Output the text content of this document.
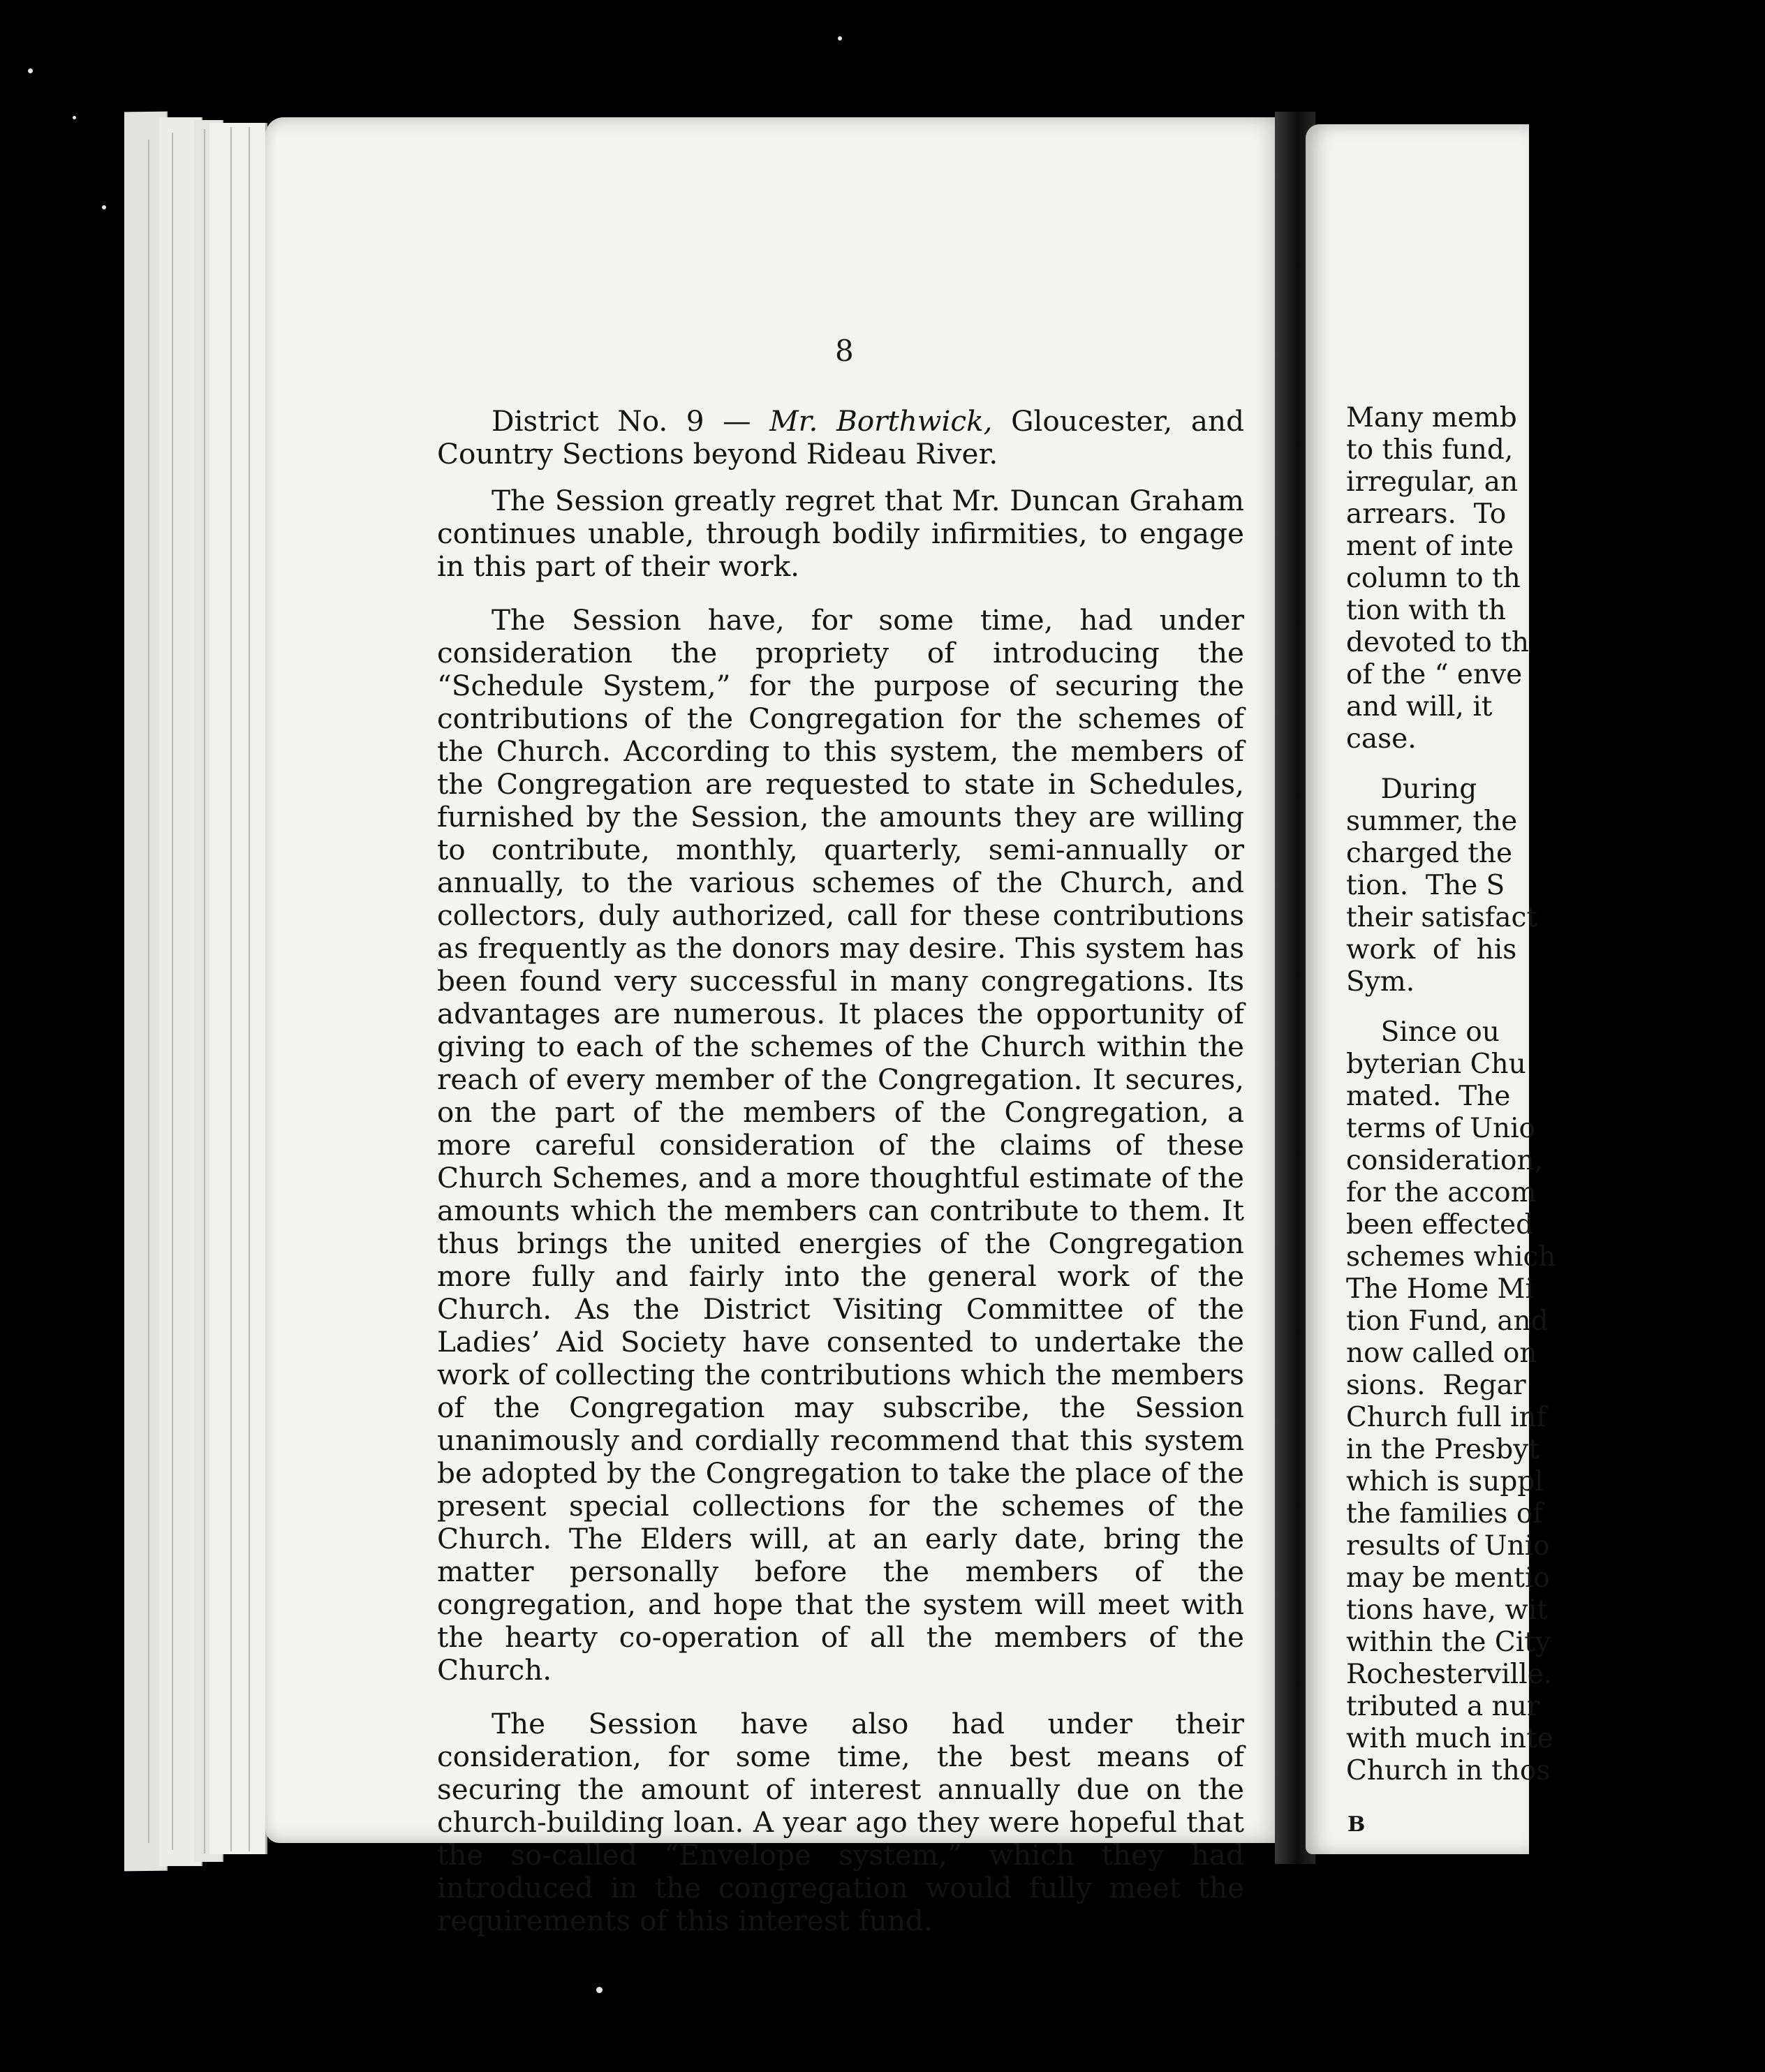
8

District No. 9 — Mr. Borthwick, Gloucester, and Country Sections beyond Rideau River.

The Session greatly regret that Mr. Duncan Graham continues unable, through bodily infirmities, to engage in this part of their work.

The Session have, for some time, had under consideration the propriety of introducing the “Schedule System,” for the purpose of securing the contributions of the Congregation for the schemes of the Church. According to this system, the members of the Congregation are requested to state in Schedules, furnished by the Session, the amounts they are willing to contribute, monthly, quarterly, semi-annually or annually, to the various schemes of the Church, and collectors, duly authorized, call for these contributions as frequently as the donors may desire. This system has been found very successful in many congregations. Its advantages are numerous. It places the opportunity of giving to each of the schemes of the Church within the reach of every member of the Congregation. It secures, on the part of the members of the Congregation, a more careful consideration of the claims of these Church Schemes, and a more thoughtful estimate of the amounts which the members can contribute to them. It thus brings the united energies of the Congregation more fully and fairly into the general work of the Church. As the District Visiting Committee of the Ladies’ Aid Society have consented to undertake the work of collecting the contributions which the members of the Congregation may subscribe, the Session unanimously and cordially recommend that this system be adopted by the Congregation to take the place of the present special collections for the schemes of the Church. The Elders will, at an early date, bring the matter personally before the members of the congregation, and hope that the system will meet with the hearty co-operation of all the members of the Church.

The Session have also had under their consideration, for some time, the best means of securing the amount of interest annually due on the church-building loan. A year ago they were hopeful that the so-called “Envelope system,” which they had introduced in the congregation would fully meet the requirements of this interest fund.

Many memb
to this fund,
irregular, an
arrears.  To
ment of inte
column to th
tion with th
devoted to th
of the “ enve
and will, it
case.

During
summer, the
charged the
tion.  The S
their satisfact
work  of  his
Sym.

Since ou
byterian Chu
mated.  The
terms of Unio
consideration,
for the accom
been effected
schemes which
The Home Mi
tion Fund, and
now called on
sions.  Regar
Church full inf
in the Presbyt
which is suppl
the families of
results of Unio
may be mentio
tions have, wit
within the City
Rochesterville.
tributed a nur
with much inte
Church in thos
B
